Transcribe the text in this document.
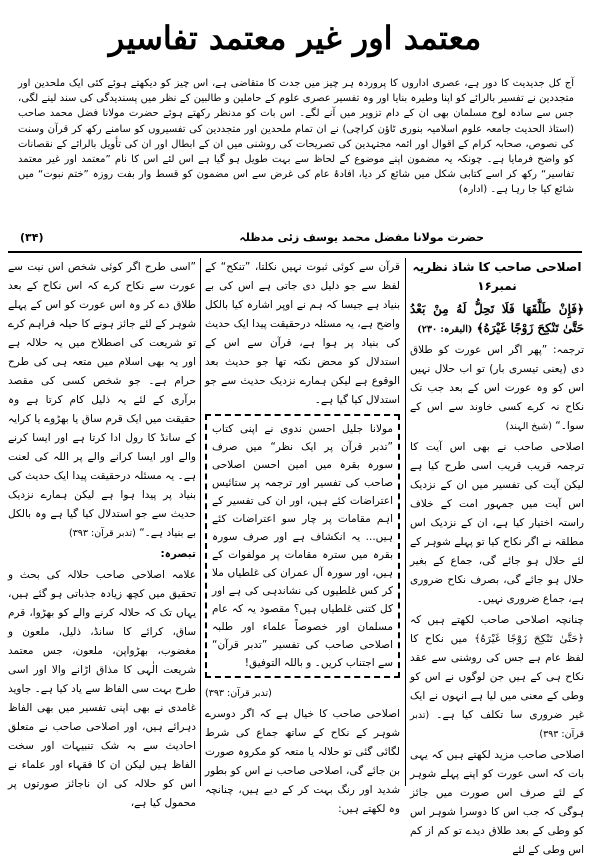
معتمد اور غیر معتمد تفاسیر

آج کل جدیدیت کا دور ہے، عصری اداروں کا پروردہ ہر چیز میں جدت کا متقاضی ہے، اس چیز کو دیکھتے ہوئے کئی ایک ملحدین اور متجددین نے تفسیر بالرائے کو اپنا وطیرہ بنایا اور وہ تفسیر عصری علوم کے حاملین و طالبین کے نظر میں پسندیدگی کی سند لینے لگی، جس سے سادہ لوح مسلمان بھی ان کے دام تزویر میں آنے لگے۔ اس بات کو مدنظر رکھتے ہوئے حضرت مولانا فضل محمد صاحب (استاذ الحدیث جامعہ علوم اسلامیہ بنوری ٹاؤن کراچی) نے ان تمام ملحدین اور متجددین کی تفسیروں کو سامنے رکھ کر قرآن وسنت کی نصوص، صحابہ کرام کے اقوال اور ائمہ مجتہدین کی تصریحات کی روشنی میں ان کے ابطال اور ان کی تأویل بالرائے کے نقصانات کو واضح فرمایا ہے۔ چونکہ یہ مضمون اپنے موضوع کے لحاظ سے بہت طویل ہو گیا ہے اس لئے اس کا نام ”معتمد اور غیر معتمد تفاسیر“ رکھ کر اسے کتابی شکل میں شائع کر دیا، افادۂ عام کی غرض سے اس مضمون کو قسط وار بفت روزہ ”ختم نبوت“ میں شائع کیا جا رہا ہے۔ (ادارہ)

حضرت مولانا مفضل محمد یوسف زئی مدظلہ
(۳۴)

اصلاحی صاحب کا شاذ نظریہ نمبر۱۶

﴿فَإِنْ طَلَّقَهَا فَلَا تَحِلُّ لَهُ مِنْ بَعْدُ حَتَّىٰ تَنْكِحَ زَوْجًا غَيْرَهُ﴾ (البقرہ: ۲۳۰)

ترجمہ: ”پھر اگر اس عورت کو طلاق دی (یعنی تیسری بار) تو اب حلال نہیں اس کو وہ عورت اس کے بعد جب تک نکاح نہ کرے کسی خاوند سے اس کے سوا۔“ (شیخ الہند)

اصلاحی صاحب نے بھی اس آیت کا ترجمہ قریب قریب اسی طرح کیا ہے لیکن آیت کی تفسیر میں ان کے نزدیک اس آیت میں جمہور امت کے خلاف راستہ اختیار کیا ہے، ان کے نزدیک اس مطلقہ نے اگر نکاح کیا تو پہلے شوہر کے لئے حلال ہو جائے گی، جماع کے بغیر حلال ہو جائے گی، بصرف نکاح ضروری ہے، جماع ضروری نہیں۔

چنانچہ اصلاحی صاحب لکھتے ہیں کہ ﴿حَتَّىٰ تَنْكِحَ زَوْجًا غَيْرَهُ﴾ میں نکاح کا لفظ عام ہے جس کی روشنی سے عقد نکاح ہی کے ہیں جن لوگوں نے اس کو وطی کے معنی میں لیا ہے انہوں نے ایک غیر ضروری سا تکلف کیا ہے۔ (تدبر قرآن: ۳۹۳)

اصلاحی صاحب مزید لکھتے ہیں کہ یہی بات کہ اسی عورت کو اپنے پہلے شوہر کے لئے صرف اس صورت میں جائز ہوگی کہ جب اس کا دوسرا شوہر اس کو وطی کے بعد طلاق دیدے تو کم از کم اس وطی کے لئے

قرآن سے کوئی ثبوت نہیں نکلتا، ”تنکح“ کے لفظ سے جو دلیل دی جاتی ہے اس کی بے بنیاد ہے جیسا کہ ہم نے اوپر اشارہ کیا بالکل واضح ہے، یہ مسئلہ درحقیقت پیدا ایک حدیث کی بنیاد پر ہوا ہے، قرآن سے اس کے استدلال کو محض نکتہ تھا جو حدیث بعد الوقوع ہے لیکن ہمارے نزدیک حدیث سے جو استدلال کیا گیا ہے۔

مولانا جلیل احسن ندوی نے اپنی کتاب ”تدبر قرآن پر ایک نظر“ میں صرف سورہ بقرہ میں امین احسن اصلاحی صاحب کی تفسیر اور ترجمہ پر ستائیس اعتراضات کئے ہیں، اور ان کی تفسیر کے اہم مقامات پر چار سو اعتراضات کئے ہیں... یہ انکشاف ہے اور صرف سورہ بقرہ میں سترہ مقامات پر مولفوات کے ہیں، اور سورہ آل عمران کی غلطیاں ملا کر کس غلطیوں کی نشاندہی کی ہے اور کل کتنی غلطیاں ہیں؟ مقصود یہ کہ عام مسلمان اور خصوصاً علماء اور طلبہ اصلاحی صاحب کی تفسیر ”تدبر قرآن“ سے اجتناب کریں۔ و باللہ التوفیق!

(تدبر قرآن: ۳۹۳)

اصلاحی صاحب کا خیال ہے کہ اگر دوسرے شوہر کے نکاح کے ساتھ جماع کی شرط لگائی گئی تو حلالہ یا متعہ کو مکروہ صورت بن جائے گی، اصلاحی صاحب نے اس کو بطور شدید اور رنگ بہت کر کے دیے ہیں، چنانچہ وہ لکھتے ہیں:

”اسی طرح اگر کوئی شخص اس نیت سے عورت سے نکاح کرے کہ اس نکاح کے بعد طلاق دے کر وہ اس عورت کو اس کے پہلے شوہر کے لئے جائز ہونے کا حیلہ فراہم کرے تو شریعت کی اصطلاح میں یہ حلالہ ہے اور یہ بھی اسلام میں متعہ ہی کی طرح حرام ہے۔ جو شخص کسی کی مقصد برآری کے لئے یہ ذلیل کام کرتا ہے وہ حقیقت میں ایک قرم ساق یا بھڑوے یا کرایہ کے سانڈ کا رول ادا کرتا ہے اور ایسا کرنے والے اور ایسا کرانے والے پر اللہ کی لعنت ہے۔ یہ مسئلہ درحقیقت پیدا ایک حدیث کی بنیاد پر پیدا ہوا ہے لیکن ہمارے نزدیک حدیث سے جو استدلال کیا گیا ہے وہ بالکل بے بنیاد ہے۔“ (تدبر قرآن: ۳۹۳)

تبصرہ:

علامہ اصلاحی صاحب حلالہ کی بحث و تحقیق میں کچھ زیادہ جذباتی ہو گئے ہیں، یہاں تک کہ حلالہ کرنے والے کو بھڑوا، قرم ساق، کرائے کا سانڈ، ذلیل، ملعون و مغضوب، بھڑواپن، ملعون، جس معتمد شریعت الٰہی کا مذاق اڑانے والا اور اسی طرح بہت سی الفاظ سے یاد کیا ہے۔ جاوید غامدی نے بھی اپنی تفسیر میں بھی الفاظ دہرائے ہیں، اور اصلاحی صاحب نے متعلق احادیث سے بہ شک تنبیہات اور سخت الفاظ ہیں لیکن ان کا فقہاء اور علماء نے اس کو حلالہ کی ان ناجائز صورتوں پر محمول کیا ہے،
